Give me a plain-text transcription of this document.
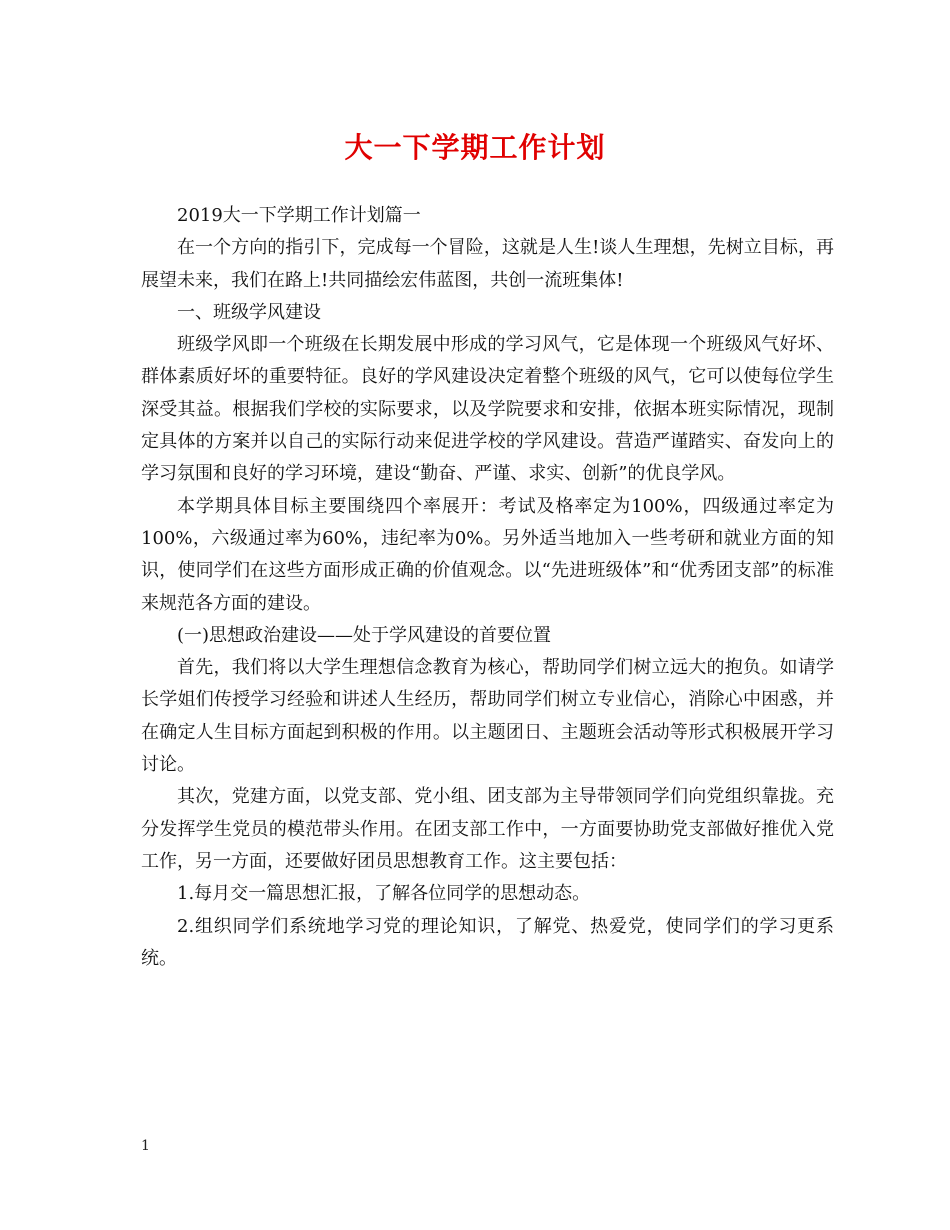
大一下学期工作计划

2019大一下学期工作计划篇一

在一个方向的指引下，完成每一个冒险，这就是人生!谈人生理想，先树立目标，再展望未来，我们在路上!共同描绘宏伟蓝图，共创一流班集体!

一、班级学风建设

班级学风即一个班级在长期发展中形成的学习风气，它是体现一个班级风气好坏、群体素质好坏的重要特征。良好的学风建设决定着整个班级的风气，它可以使每位学生深受其益。根据我们学校的实际要求，以及学院要求和安排，依据本班实际情况，现制定具体的方案并以自己的实际行动来促进学校的学风建设。营造严谨踏实、奋发向上的学习氛围和良好的学习环境，建设“勤奋、严谨、求实、创新”的优良学风。

本学期具体目标主要围绕四个率展开：考试及格率定为100%，四级通过率定为100%，六级通过率为60%，违纪率为0%。另外适当地加入一些考研和就业方面的知识，使同学们在这些方面形成正确的价值观念。以“先进班级体”和“优秀团支部”的标准来规范各方面的建设。

(一)思想政治建设——处于学风建设的首要位置

首先，我们将以大学生理想信念教育为核心，帮助同学们树立远大的抱负。如请学长学姐们传授学习经验和讲述人生经历，帮助同学们树立专业信心，消除心中困惑，并在确定人生目标方面起到积极的作用。以主题团日、主题班会活动等形式积极展开学习讨论。

其次，党建方面，以党支部、党小组、团支部为主导带领同学们向党组织靠拢。充分发挥学生党员的模范带头作用。在团支部工作中，一方面要协助党支部做好推优入党工作，另一方面，还要做好团员思想教育工作。这主要包括：

1.每月交一篇思想汇报，了解各位同学的思想动态。

2.组织同学们系统地学习党的理论知识，了解党、热爱党，使同学们的学习更系统。

1
